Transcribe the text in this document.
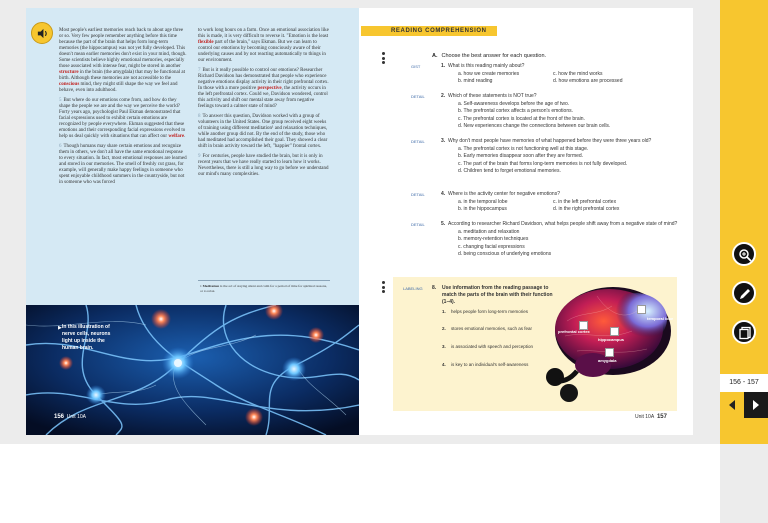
Most people's earliest memories reach back to about age three or so. Very few people remember anything before this time because the part of the brain that helps form long-term memories (the hippocampus) was not yet fully developed. This doesn't mean earlier memories don't exist in your mind, though. Some scientists believe highly emotional memories, especially those associated with intense fear, might be stored in another structure in the brain (the amygdala) that may be functional at birth. Although these memories are not accessible to the conscious mind, they might still shape the way we feel and behave, even into adulthood.

5 But where do our emotions come from, and how do they shape the people we are and the way we perceive the world? Forty years ago, psychologist Paul Ekman demonstrated that facial expressions used to exhibit certain emotions are recognized by people everywhere. Ekman suggested that these emotions and their corresponding facial expressions evolved to help us deal quickly with situations that can affect our welfare.

6 Though humans may share certain emotions and recognize them in others, we don't all have the same emotional response to every situation. In fact, most emotional responses are learned and stored in our memories. The smell of freshly cut grass, for example, will generally make happy feelings in someone who spent enjoyable childhood summers in the countryside, but not in someone who was forced

to work long hours on a farm. Once an emotional association like this is made, it is very difficult to reverse it. "Emotion is the least flexible part of the brain," says Ekman. But we can learn to control our emotions by becoming consciously aware of their underlying causes and by not reacting automatically to things in our environment.

7 But is it really possible to control our emotions? Researcher Richard Davidson has demonstrated that people who experience negative emotions display activity in their right prefrontal cortex. In those with a more positive perspective, the activity occurs in the left prefrontal cortex. Could we, Davidson wondered, control this activity and shift our mental state away from negative feelings toward a calmer state of mind?

8 To answer this question, Davidson worked with a group of volunteers in the United States. One group received eight weeks of training using different meditation¹ and relaxation techniques, while another group did not. By the end of the study, those who had meditated had accomplished their goal. They showed a clear shift in brain activity toward the left, "happier" frontal cortex.

9 For centuries, people have studied the brain, but it is only in recent years that we have really started to learn how it works. Nevertheless, there is still a long way to go before we understand our mind's many complexities.

1 Meditation is the act of staying silent and calm for a period of time for spiritual reasons, or to relax.
▶ In this illustration of
nerve cells, neurons
light up inside the
human brain.
156 Unit 10A
READING COMPREHENSION
A. Choose the best answer for each question.
GIST	1. What is this reading mainly about?
a. how we create memories	c. how the mind works
b. mind reading	d. how emotions are processed
DETAIL	2. Which of these statements is NOT true?
a. Self-awareness develops before the age of two.
b. The prefrontal cortex affects a person's emotions.
c. The prefrontal cortex is located at the front of the brain.
d. New experiences change the connections between our brain cells.
DETAIL	3. Why don't most people have memories of what happened before they were three years old?
a. The prefrontal cortex is not functioning well at this stage.
b. Early memories disappear soon after they are formed.
c. The part of the brain that forms long-term memories is not fully developed.
d. Children tend to forget emotional memories.
DETAIL	4. Where is the activity center for negative emotions?
a. in the temporal lobe	c. in the left prefrontal cortex
b. in the hippocampus	d. in the right prefrontal cortex
DETAIL	5. According to researcher Richard Davidson, what helps people shift away from a negative state of mind?
a. meditation and relaxation
b. memory-retention techniques
c. changing facial expressions
d. being conscious of underlying emotions
LABELING 8. Use information from the reading passage to match the parts of the brain with their function (1–4).
1. helps people form long-term memories
2. stores emotional memories, such as fear
3. is associated with speech and perception
4. is key to an individual's self-awareness
prefrontal cortex
temporal lobe
hippocampus
amygdala
Unit 10A 157
156 - 157
